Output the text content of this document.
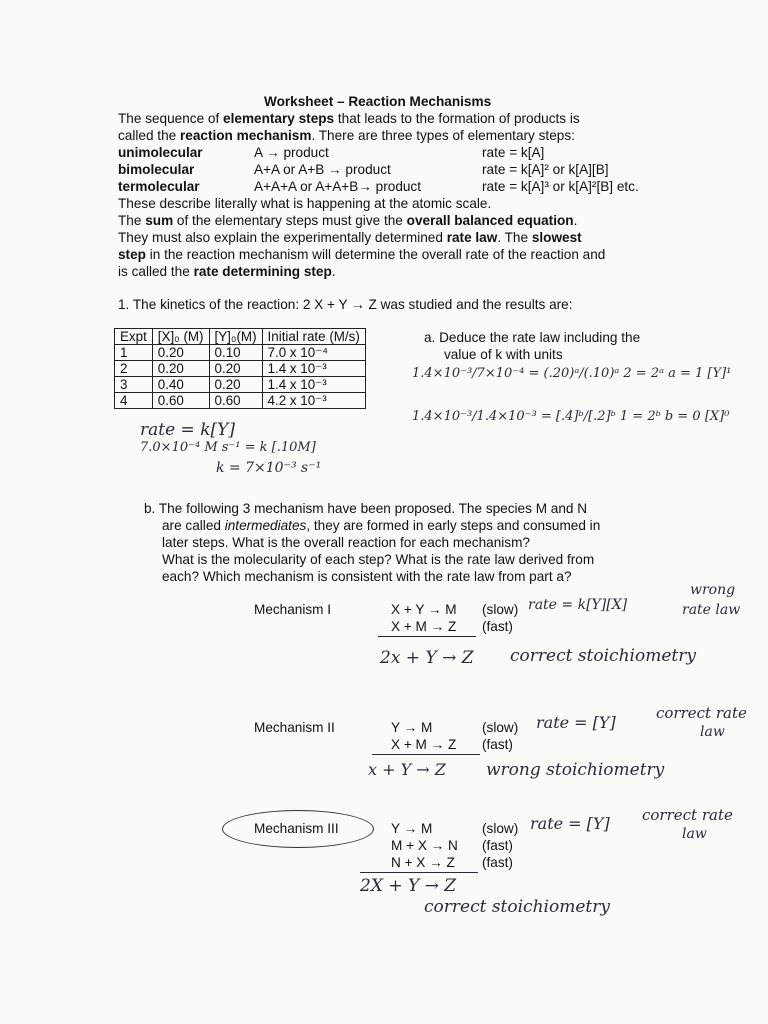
Worksheet – Reaction Mechanisms
The sequence of elementary steps that leads to the formation of products is
called the reaction mechanism. There are three types of elementary steps:
unimolecular	A → product	rate = k[A]
bimolecular	A+A or A+B → product	rate = k[A]² or k[A][B]
termolecular	A+A+A or A+A+B→ product	rate = k[A]³ or k[A]²[B] etc.
These describe literally what is happening at the atomic scale.
The sum of the elementary steps must give the overall balanced equation.
They must also explain the experimentally determined rate law. The slowest
step in the reaction mechanism will determine the overall rate of the reaction and
is called the rate determining step.
1. The kinetics of the reaction: 2 X + Y → Z was studied and the results are:
Expt	[X]₀ (M)	[Y]₀(M)	Initial rate (M/s)
1	0.20	0.10	7.0 x 10⁻⁴
2	0.20	0.20	1.4 x 10⁻³
3	0.40	0.20	1.4 x 10⁻³
4	0.60	0.60	4.2 x 10⁻³
a. Deduce the rate law including the
value of k with units
1.4×10⁻³/7×10⁻⁴ = (.20)ᵃ/(.10)ᵃ 2 = 2ᵃ a = 1 [Y]¹
1.4×10⁻³/1.4×10⁻³ = [.4]ᵇ/[.2]ᵇ 1 = 2ᵇ b = 0 [X]⁰
rate = k[Y]
7.0×10⁻⁴ M s⁻¹ = k [.10M]
k = 7×10⁻³ s⁻¹
b. The following 3 mechanism have been proposed. The species M and N
are called intermediates, they are formed in early steps and consumed in
later steps. What is the overall reaction for each mechanism?
What is the molecularity of each step? What is the rate law derived from
each? Which mechanism is consistent with the rate law from part a?
Mechanism I	X + Y → M (slow)
X + M → Z (fast)
rate = k[Y][X]
wrong
rate law
2x + Y → Z correct stoichiometry
Mechanism II	Y → M	(slow)
X + M → Z (fast)
rate = [Y]	correct rate
law
x + Y → Z wrong stoichiometry
Mechanism III	Y → M	(slow)
M + X → N (fast)
N + X → Z (fast)
rate = [Y] correct rate
law
2X + Y → Z
correct stoichiometry
